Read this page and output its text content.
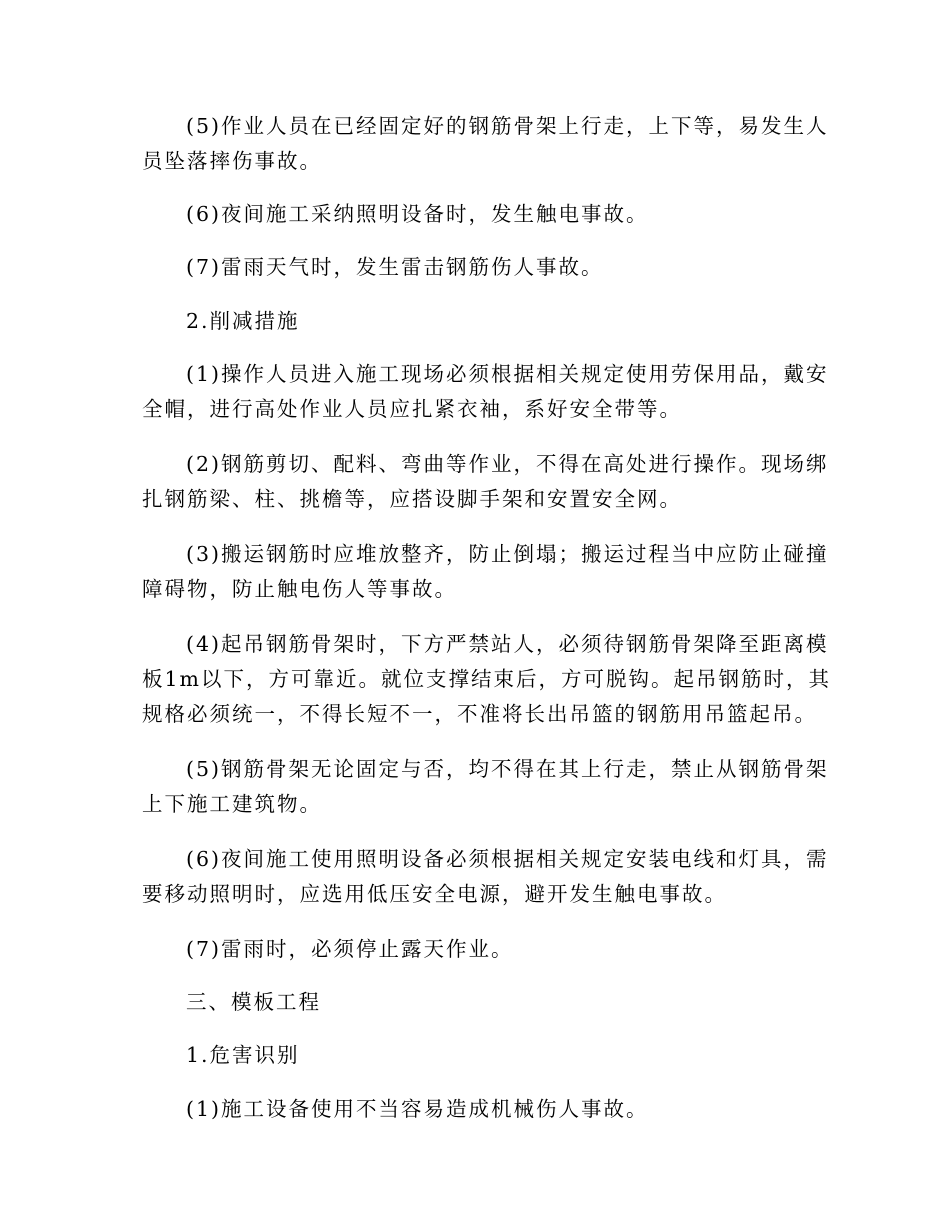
(5)作业人员在已经固定好的钢筋骨架上行走，上下等，易发生人
员坠落摔伤事故。

(6)夜间施工采纳照明设备时，发生触电事故。

(7)雷雨天气时，发生雷击钢筋伤人事故。

2.削减措施

(1)操作人员进入施工现场必须根据相关规定使用劳保用品，戴安
全帽，进行高处作业人员应扎紧衣袖，系好安全带等。

(2)钢筋剪切、配料、弯曲等作业，不得在高处进行操作。现场绑
扎钢筋梁、柱、挑檐等，应搭设脚手架和安置安全网。

(3)搬运钢筋时应堆放整齐，防止倒塌；搬运过程当中应防止碰撞
障碍物，防止触电伤人等事故。

(4)起吊钢筋骨架时，下方严禁站人，必须待钢筋骨架降至距离模
板1m以下，方可靠近。就位支撑结束后，方可脱钩。起吊钢筋时，其
规格必须统一，不得长短不一，不准将长出吊篮的钢筋用吊篮起吊。

(5)钢筋骨架无论固定与否，均不得在其上行走，禁止从钢筋骨架
上下施工建筑物。

(6)夜间施工使用照明设备必须根据相关规定安装电线和灯具，需
要移动照明时，应选用低压安全电源，避开发生触电事故。

(7)雷雨时，必须停止露天作业。

三、模板工程

1.危害识别

(1)施工设备使用不当容易造成机械伤人事故。
